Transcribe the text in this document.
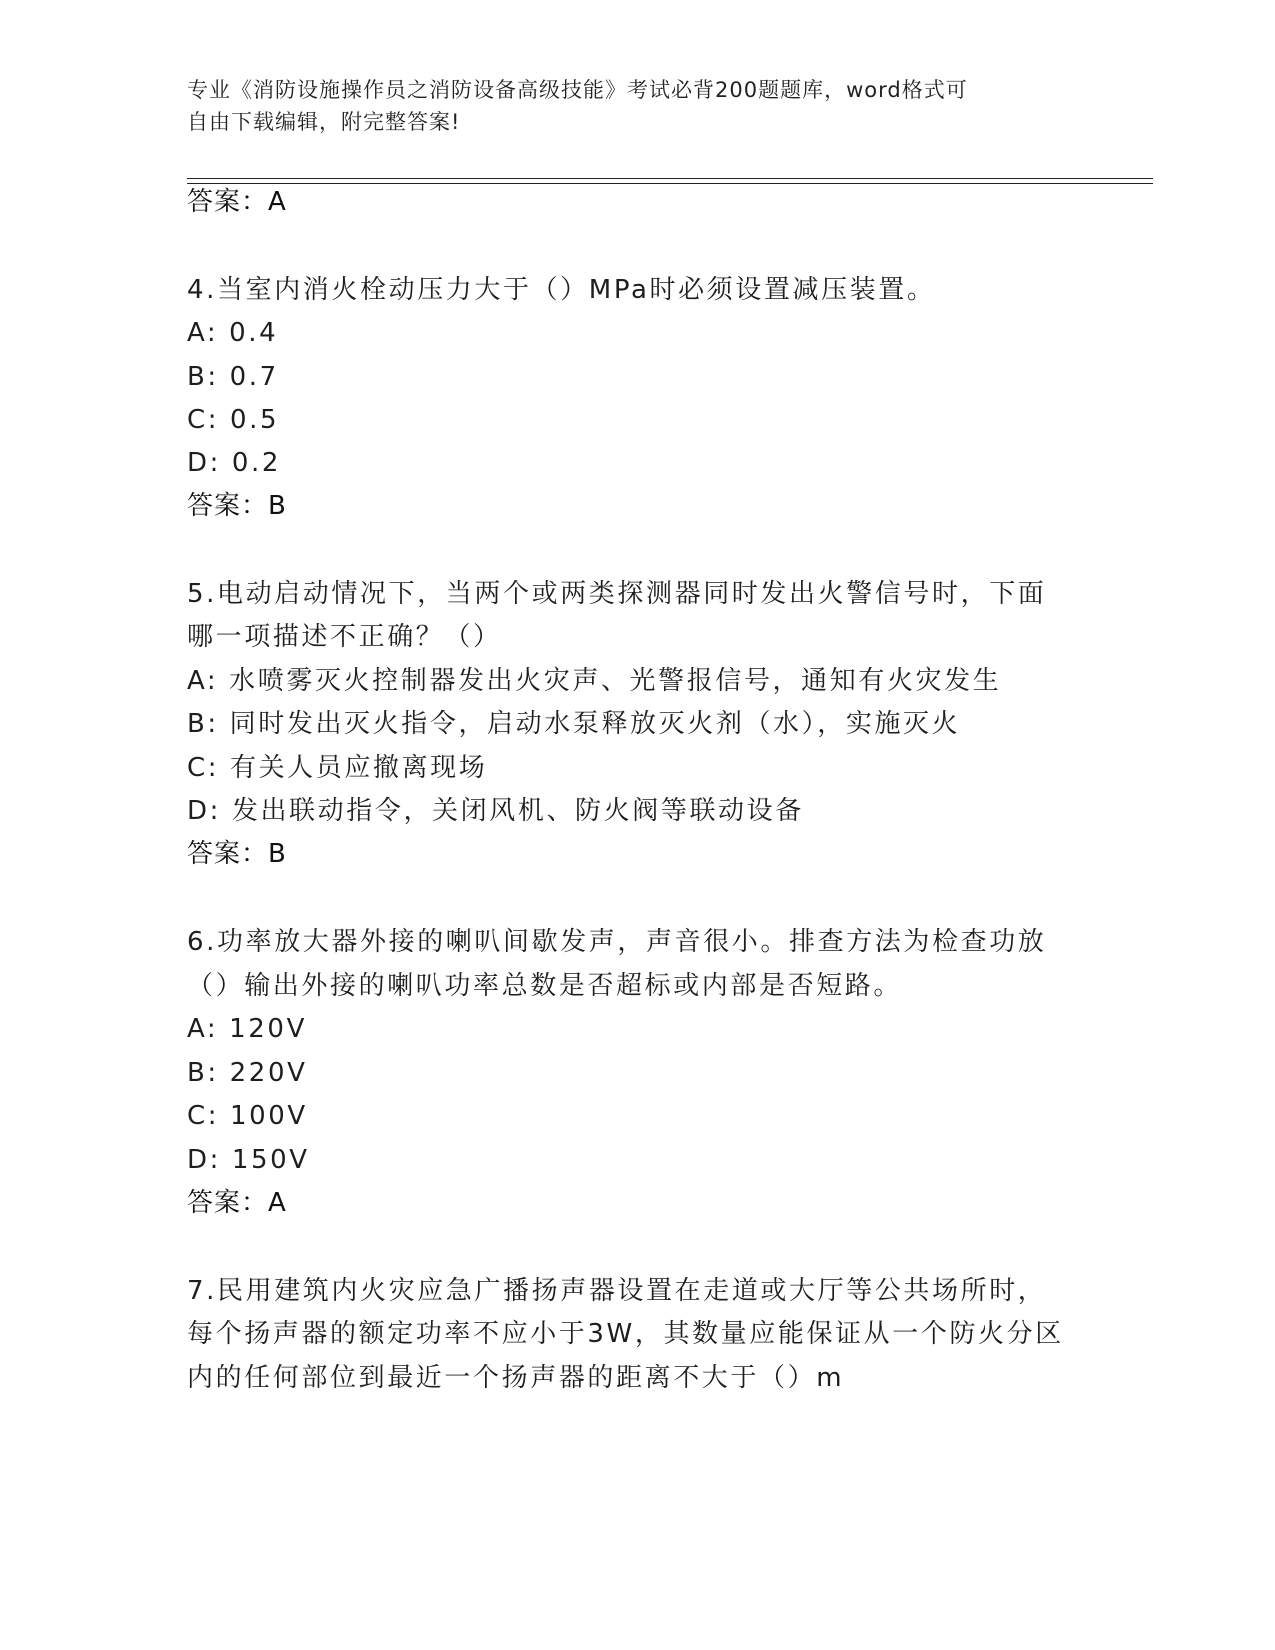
专业《消防设施操作员之消防设备高级技能》考试必背200题题库，word格式可
自由下载编辑，附完整答案!
答案：A
4.当室内消火栓动压力大于（）MPa时必须设置减压装置。
A: 0.4
B: 0.7
C: 0.5
D: 0.2
答案：B
5.电动启动情况下，当两个或两类探测器同时发出火警信号时，下面
哪一项描述不正确？（）
A: 水喷雾灭火控制器发出火灾声、光警报信号，通知有火灾发生
B: 同时发出灭火指令，启动水泵释放灭火剂（水），实施灭火
C: 有关人员应撤离现场
D: 发出联动指令，关闭风机、防火阀等联动设备
答案：B
6.功率放大器外接的喇叭间歇发声，声音很小。排查方法为检查功放
（）输出外接的喇叭功率总数是否超标或内部是否短路。
A: 120V
B: 220V
C: 100V
D: 150V
答案：A
7.民用建筑内火灾应急广播扬声器设置在走道或大厅等公共场所时，
每个扬声器的额定功率不应小于3W，其数量应能保证从一个防火分区
内的任何部位到最近一个扬声器的距离不大于（）m
